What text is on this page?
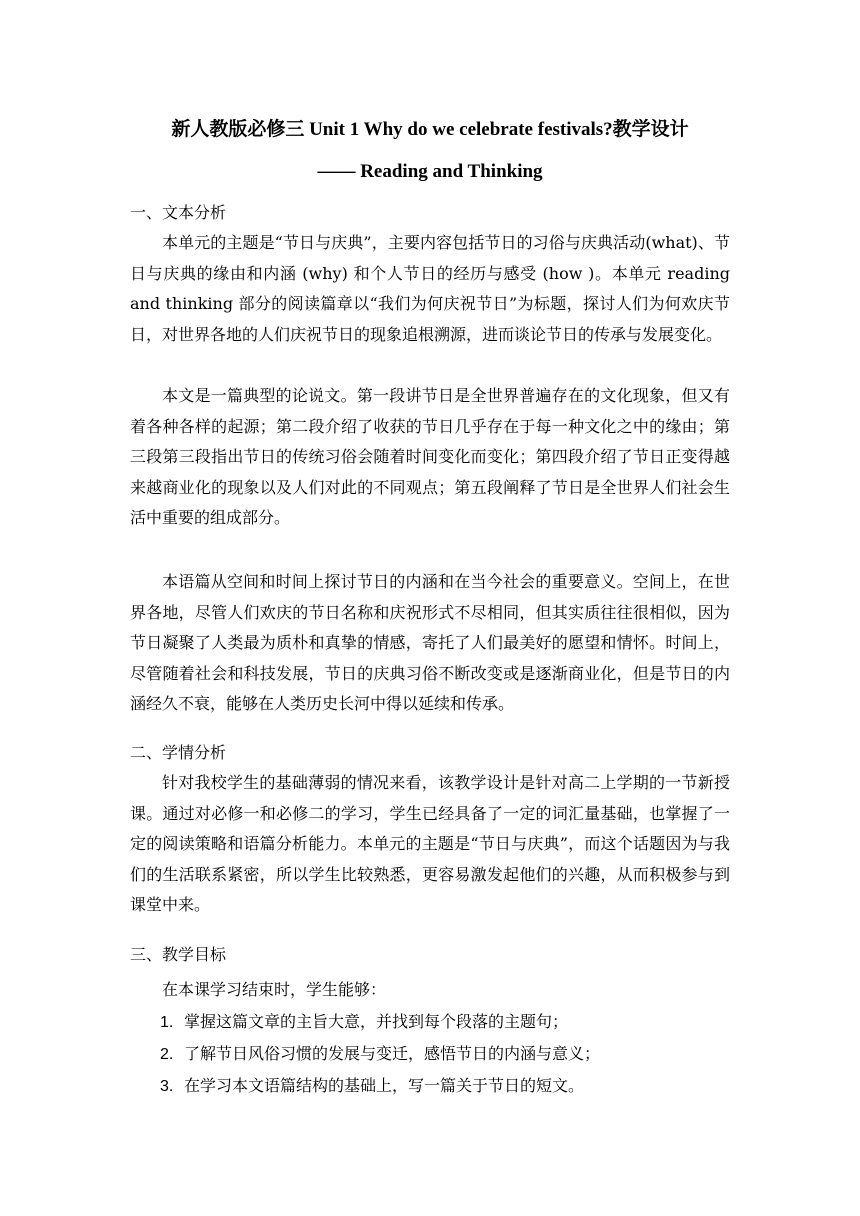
新人教版必修三 Unit 1 Why do we celebrate festivals?教学设计
—— Reading and Thinking
一、文本分析

本单元的主题是“节日与庆典”，主要内容包括节日的习俗与庆典活动(what)、节日与庆典的缘由和内涵 (why) 和个人节日的经历与感受 (how )。本单元 reading and thinking 部分的阅读篇章以“我们为何庆祝节日”为标题，探讨人们为何欢庆节日，对世界各地的人们庆祝节日的现象追根溯源，进而谈论节日的传承与发展变化。

本文是一篇典型的论说文。第一段讲节日是全世界普遍存在的文化现象，但又有着各种各样的起源；第二段介绍了收获的节日几乎存在于每一种文化之中的缘由；第三段第三段指出节日的传统习俗会随着时间变化而变化；第四段介绍了节日正变得越来越商业化的现象以及人们对此的不同观点；第五段阐释了节日是全世界人们社会生活中重要的组成部分。

本语篇从空间和时间上探讨节日的内涵和在当今社会的重要意义。空间上，在世界各地，尽管人们欢庆的节日名称和庆祝形式不尽相同，但其实质往往很相似，因为节日凝聚了人类最为质朴和真挚的情感，寄托了人们最美好的愿望和情怀。时间上，尽管随着社会和科技发展，节日的庆典习俗不断改变或是逐渐商业化，但是节日的内涵经久不衰，能够在人类历史长河中得以延续和传承。

二、学情分析

针对我校学生的基础薄弱的情况来看，该教学设计是针对高二上学期的一节新授课。通过对必修一和必修二的学习，学生已经具备了一定的词汇量基础，也掌握了一定的阅读策略和语篇分析能力。本单元的主题是“节日与庆典”，而这个话题因为与我们的生活联系紧密，所以学生比较熟悉，更容易激发起他们的兴趣，从而积极参与到课堂中来。

三、教学目标
在本课学习结束时，学生能够：
1. 掌握这篇文章的主旨大意，并找到每个段落的主题句；
2. 了解节日风俗习惯的发展与变迁，感悟节日的内涵与意义；
3. 在学习本文语篇结构的基础上，写一篇关于节日的短文。
